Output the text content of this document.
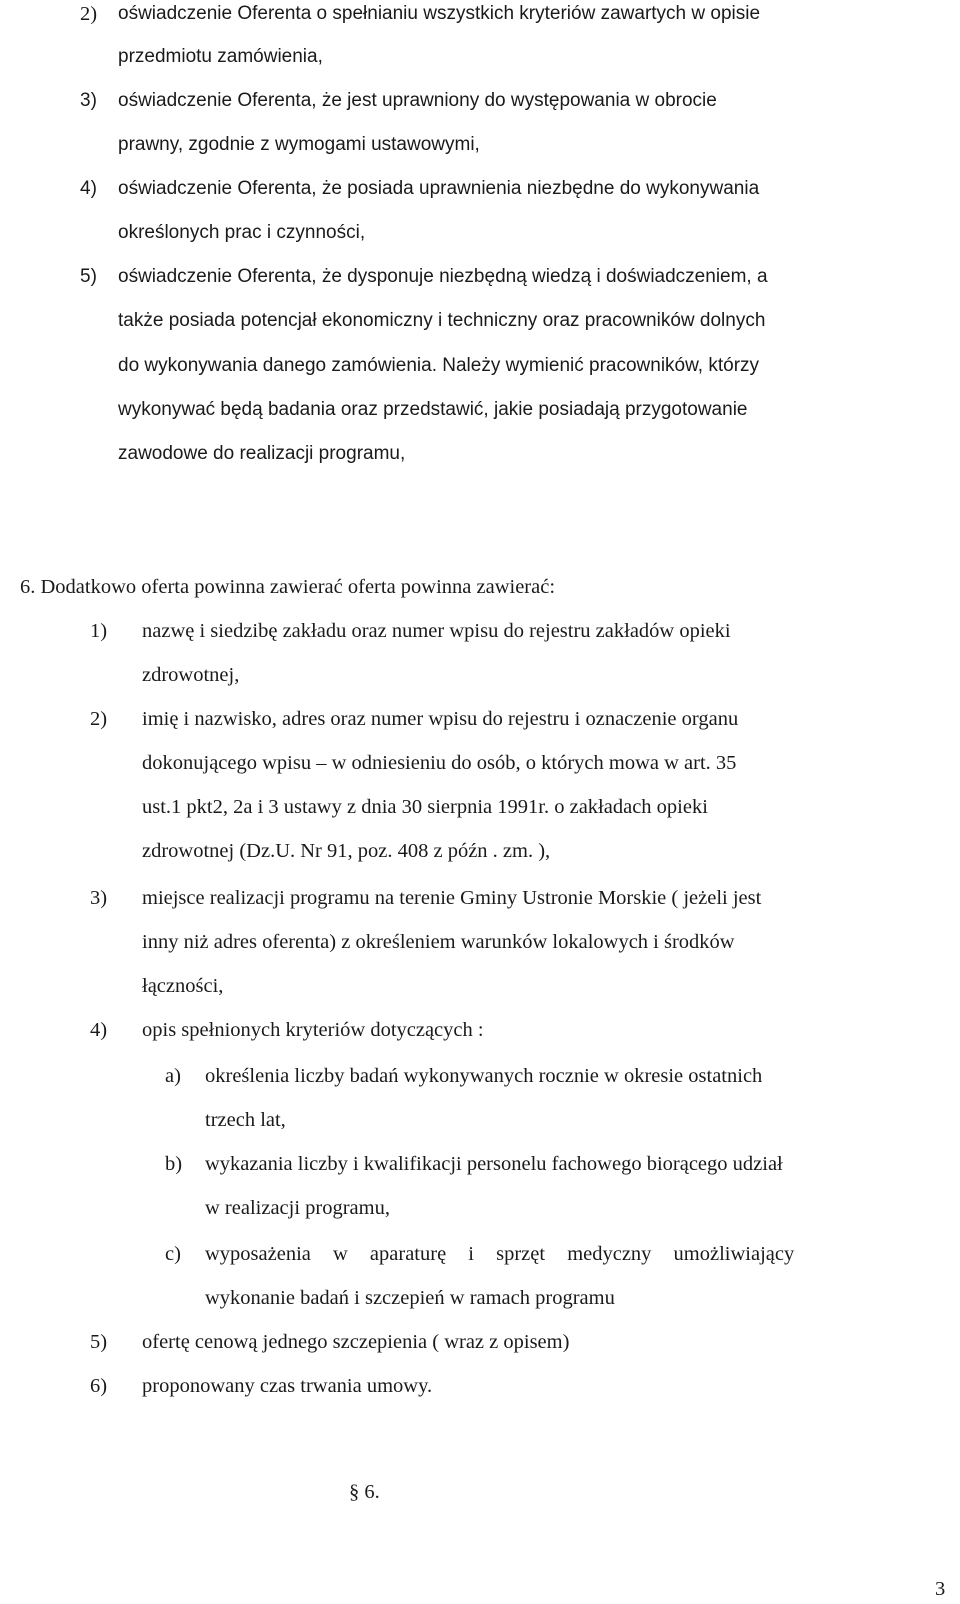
2) oświadczenie Oferenta o spełnianiu wszystkich kryteriów zawartych w opisie
przedmiotu zamówienia,
3) oświadczenie Oferenta, że jest uprawniony do występowania w obrocie
prawny, zgodnie z wymogami ustawowymi,
4) oświadczenie Oferenta, że posiada uprawnienia niezbędne do wykonywania
określonych prac i czynności,
5) oświadczenie Oferenta, że dysponuje niezbędną wiedzą i doświadczeniem, a
także posiada potencjał ekonomiczny i techniczny oraz pracowników dolnych
do wykonywania danego zamówienia. Należy wymienić pracowników, którzy
wykonywać będą badania oraz przedstawić, jakie posiadają przygotowanie
zawodowe do realizacji programu,
6. Dodatkowo oferta powinna zawierać oferta powinna zawierać:
1) nazwę i siedzibę zakładu oraz numer wpisu do rejestru zakładów opieki
zdrowotnej,
2) imię i nazwisko, adres oraz numer wpisu do rejestru i oznaczenie organu
dokonującego wpisu – w odniesieniu do osób, o których mowa w art. 35
ust.1 pkt2, 2a i 3 ustawy z dnia 30 sierpnia 1991r. o zakładach opieki
zdrowotnej (Dz.U. Nr 91, poz. 408 z późn . zm. ),
3) miejsce realizacji programu na terenie Gminy Ustronie Morskie ( jeżeli jest
inny niż adres oferenta) z określeniem warunków lokalowych i środków
łączności,
4) opis spełnionych kryteriów dotyczących :
a) określenia liczby badań wykonywanych rocznie w okresie ostatnich
trzech lat,
b) wykazania liczby i kwalifikacji personelu fachowego biorącego udział
w realizacji programu,
c) wyposażenia w aparaturę i sprzęt medyczny umożliwiający
wykonanie badań i szczepień w ramach programu
5) ofertę cenową jednego szczepienia ( wraz z opisem)
6) proponowany czas trwania umowy.
§ 6.
3
